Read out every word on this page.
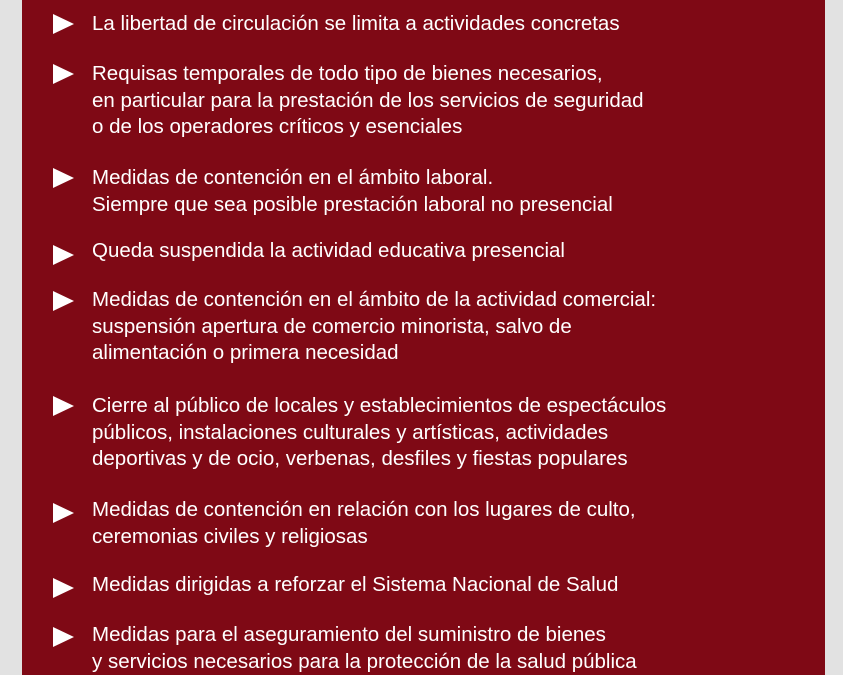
La libertad de circulación se limita a actividades concretas
Requisas temporales de todo tipo de bienes necesarios,
en particular para la prestación de los servicios de seguridad
o de los operadores críticos y esenciales
Medidas de contención en el ámbito laboral.
Siempre que sea posible prestación laboral no presencial
Queda suspendida la actividad educativa presencial
Medidas de contención en el ámbito de la actividad comercial:
suspensión apertura de comercio minorista, salvo de
alimentación o primera necesidad
Cierre al público de locales y establecimientos de espectáculos
públicos, instalaciones culturales y artísticas, actividades
deportivas y de ocio, verbenas, desfiles y fiestas populares
Medidas de contención en relación con los lugares de culto,
ceremonias civiles y religiosas
Medidas dirigidas a reforzar el Sistema Nacional de Salud
Medidas para el aseguramiento del suministro de bienes
y servicios necesarios para la protección de la salud pública
